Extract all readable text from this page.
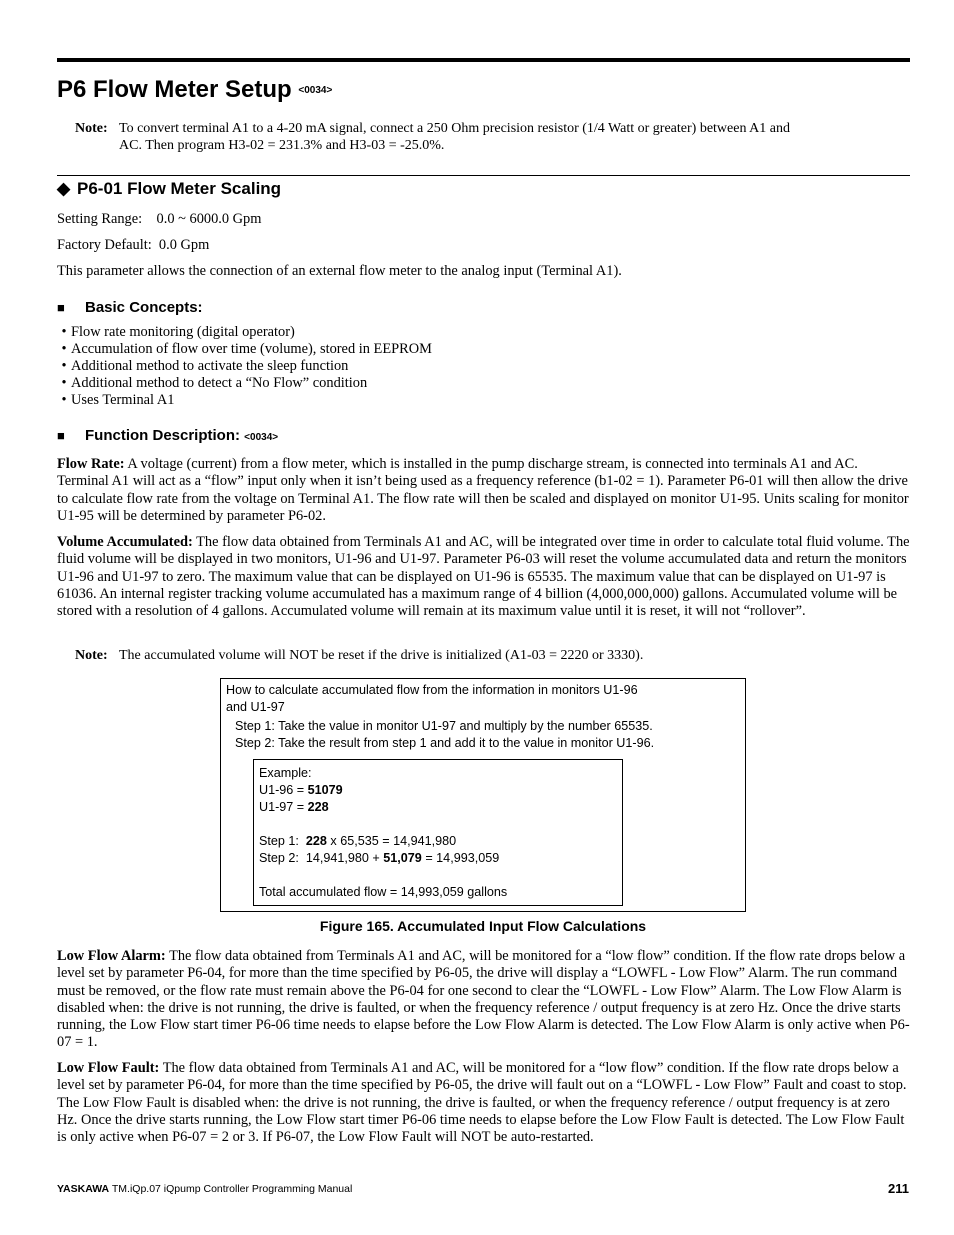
P6 Flow Meter Setup <0034>
Note: To convert terminal A1 to a 4-20 mA signal, connect a 250 Ohm precision resistor (1/4 Watt or greater) between A1 and
AC. Then program H3-02 = 231.3% and H3-03 = -25.0%.
◆ P6-01 Flow Meter Scaling
Setting Range:    0.0 ~ 6000.0 Gpm
Factory Default:  0.0 Gpm
This parameter allows the connection of an external flow meter to the analog input (Terminal A1).
■ Basic Concepts:
• Flow rate monitoring (digital operator)
• Accumulation of flow over time (volume), stored in EEPROM
• Additional method to activate the sleep function
• Additional method to detect a “No Flow” condition
• Uses Terminal A1
■ Function Description: <0034>
Flow Rate: A voltage (current) from a flow meter, which is installed in the pump discharge stream, is connected into terminals A1 and AC. Terminal A1 will act as a “flow” input only when it isn’t being used as a frequency reference (b1-02 = 1). Parameter P6-01 will then allow the drive to calculate flow rate from the voltage on Terminal A1. The flow rate will then be scaled and displayed on monitor U1-95. Units scaling for monitor U1-95 will be determined by parameter P6-02.
Volume Accumulated: The flow data obtained from Terminals A1 and AC, will be integrated over time in order to calculate total fluid volume. The fluid volume will be displayed in two monitors, U1-96 and U1-97. Parameter P6-03 will reset the volume accumulated data and return the monitors U1-96 and U1-97 to zero. The maximum value that can be displayed on U1-96 is 65535. The maximum value that can be displayed on U1-97 is 61036. An internal register tracking volume accumulated has a maximum range of 4 billion (4,000,000,000) gallons. Accumulated volume will be stored with a resolution of 4 gallons. Accumulated volume will remain at its maximum value until it is reset, it will not “rollover”.
Note: The accumulated volume will NOT be reset if the drive is initialized (A1-03 = 2220 or 3330).
How to calculate accumulated flow from the information in monitors U1-96
and U1-97
Step 1: Take the value in monitor U1-97 and multiply by the number 65535.
Step 2: Take the result from step 1 and add it to the value in monitor U1-96.
Example:
U1-96 = 51079
U1-97 = 228
Step 1:  228 x 65,535 = 14,941,980
Step 2:  14,941,980 + 51,079 = 14,993,059
Total accumulated flow = 14,993,059 gallons
Figure 165. Accumulated Input Flow Calculations
Low Flow Alarm: The flow data obtained from Terminals A1 and AC, will be monitored for a “low flow” condition. If the flow rate drops below a level set by parameter P6-04, for more than the time specified by P6-05, the drive will display a “LOWFL - Low Flow” Alarm. The run command must be removed, or the flow rate must remain above the P6-04 for one second to clear the “LOWFL - Low Flow” Alarm. The Low Flow Alarm is disabled when: the drive is not running, the drive is faulted, or when the frequency reference / output frequency is at zero Hz. Once the drive starts running, the Low Flow start timer P6-06 time needs to elapse before the Low Flow Alarm is detected. The Low Flow Alarm is only active when P6-07 = 1.
Low Flow Fault: The flow data obtained from Terminals A1 and AC, will be monitored for a “low flow” condition. If the flow rate drops below a level set by parameter P6-04, for more than the time specified by P6-05, the drive will fault out on a “LOWFL - Low Flow” Fault and coast to stop. The Low Flow Fault is disabled when: the drive is not running, the drive is faulted, or when the frequency reference / output frequency is at zero Hz. Once the drive starts running, the Low Flow start timer P6-06 time needs to elapse before the Low Flow Fault is detected. The Low Flow Fault is only active when P6-07 = 2 or 3. If P6-07, the Low Flow Fault will NOT be auto-restarted.
YASKAWA TM.iQp.07 iQpump Controller Programming Manual	211
